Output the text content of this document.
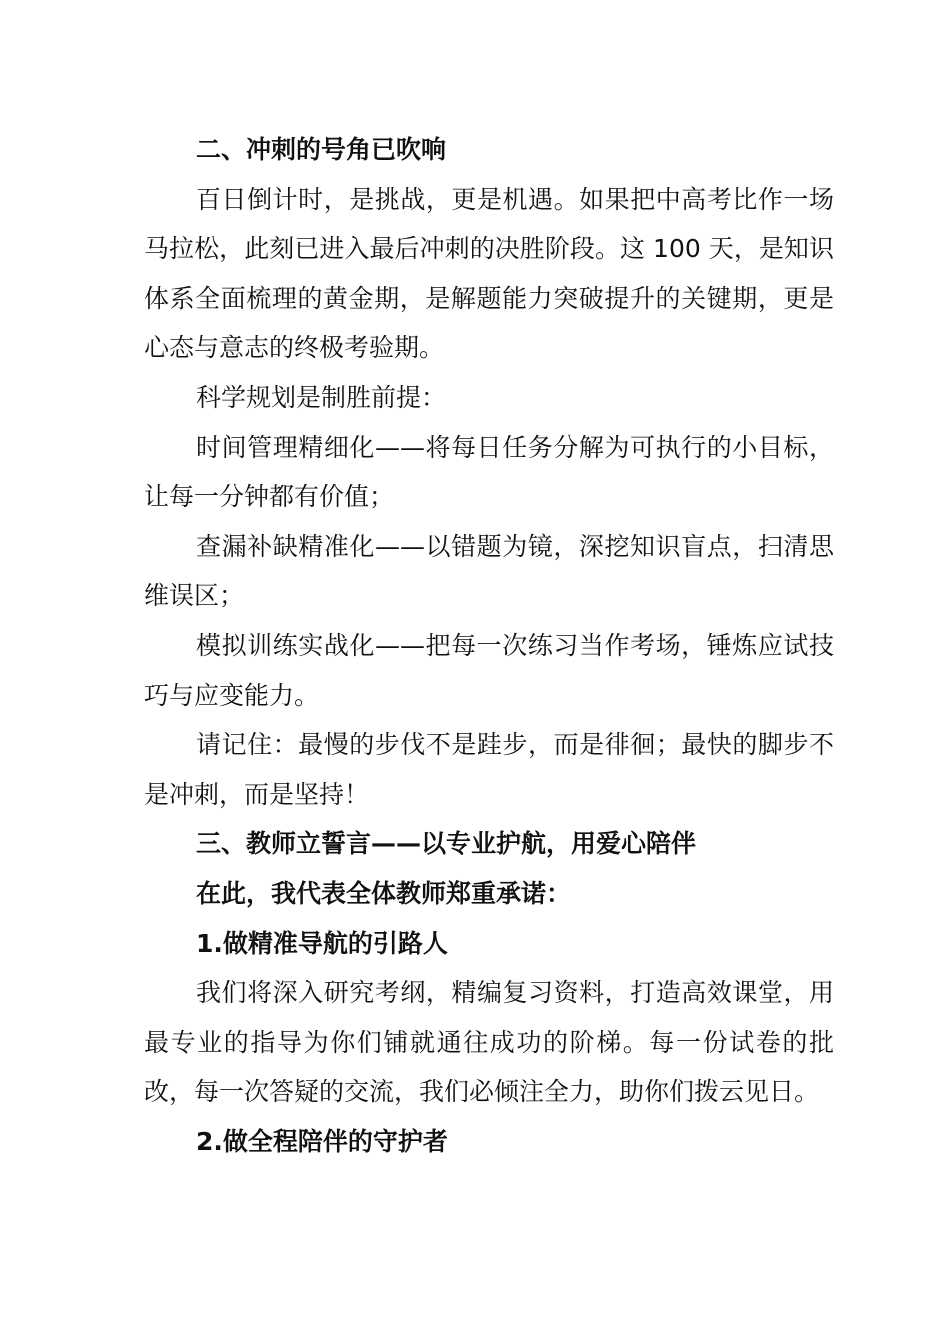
二、冲刺的号角已吹响

百日倒计时，是挑战，更是机遇。如果把中高考比作一场马拉松，此刻已进入最后冲刺的决胜阶段。这 100 天，是知识体系全面梳理的黄金期，是解题能力突破提升的关键期，更是心态与意志的终极考验期。

科学规划是制胜前提：

时间管理精细化——将每日任务分解为可执行的小目标，让每一分钟都有价值；

查漏补缺精准化——以错题为镜，深挖知识盲点，扫清思维误区；

模拟训练实战化——把每一次练习当作考场，锤炼应试技巧与应变能力。

请记住：最慢的步伐不是跬步，而是徘徊；最快的脚步不是冲刺，而是坚持！

三、教师立誓言——以专业护航，用爱心陪伴

在此，我代表全体教师郑重承诺：

1.做精准导航的引路人

我们将深入研究考纲，精编复习资料，打造高效课堂，用最专业的指导为你们铺就通往成功的阶梯。每一份试卷的批改，每一次答疑的交流，我们必倾注全力，助你们拨云见日。

2.做全程陪伴的守护者
